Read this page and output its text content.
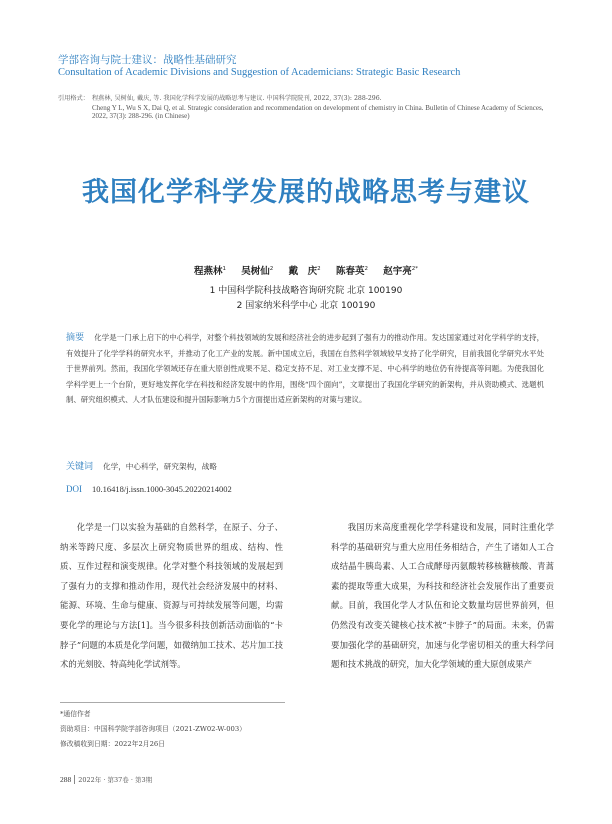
学部咨询与院士建议：战略性基础研究
Consultation of Academic Divisions and Suggestion of Academicians: Strategic Basic Research
引用格式： 程燕林, 吴树仙, 戴庆, 等. 我国化学科学发展的战略思考与建议. 中国科学院院刊, 2022, 37(3): 288-296.
Cheng Y L, Wu S X, Dai Q, et al. Strategic consideration and recommendation on development of chemistry in China. Bulletin of Chinese Academy of Sciences, 2022, 37(3): 288-296. (in Chinese)
我国化学科学发展的战略思考与建议
程燕林$^1$ 吴树仙$^2$ 戴　庆$^2$ 陈春英$^2$ 赵宇亮$^{2*}$
1 中国科学院科技战略咨询研究院 北京 100190
2 国家纳米科学中心 北京 100190
摘要 化学是一门承上启下的中心科学，对整个科技领域的发展和经济社会的进步起到了强有力的推动作用。发达国家通过对化学科学的支持，有效提升了化学学科的研究水平，并推动了化工产业的发展。新中国成立后，我国在自然科学领域较早支持了化学研究，目前我国化学研究水平处于世界前列。然而，我国化学领域还存在重大原创性成果不足、稳定支持不足、对工业支撑不足、中心科学的地位仍有待提高等问题。为使我国化学科学更上一个台阶，更好地发挥化学在科技和经济发展中的作用，围绕“四个面向”，文章提出了我国化学研究的新架构，并从资助模式、选题机制、研究组织模式、人才队伍建设和提升国际影响力5个方面提出适应新架构的对策与建议。
关键词 化学，中心科学，研究架构，战略
DOI 10.16418/j.issn.1000-3045.20220214002

化学是一门以实验为基础的自然科学，在原子、分子、纳米等跨尺度、多层次上研究物质世界的组成、结构、性质、互作过程和演变规律。化学对整个科技领域的发展起到了强有力的支撑和推动作用，现代社会经济发展中的材料、能源、环境、生命与健康、资源与可持续发展等问题，均需要化学的理论与方法[1]。当今很多科技创新活动面临的“卡脖子”问题的本质是化学问题，如微纳加工技术、芯片加工技术的光刻胶、特高纯化学试剂等。

我国历来高度重视化学学科建设和发展，同时注重化学科学的基础研究与重大应用任务相结合，产生了诸如人工合成结晶牛胰岛素、人工合成酵母丙氨酸转移核糖核酸、青蒿素的提取等重大成果，为科技和经济社会发展作出了重要贡献。目前，我国化学人才队伍和论文数量均居世界前列，但仍然没有改变关键核心技术被“卡脖子”的局面。未来，仍需要加强化学的基础研究，加速与化学密切相关的重大科学问题和技术挑战的研究，加大化学领域的重大原创成果产

*通信作者
资助项目：中国科学院学部咨询项目（2021-ZW02-W-003）
修改稿收到日期：2022年2月26日
288 2022年 · 第37卷 · 第3期
